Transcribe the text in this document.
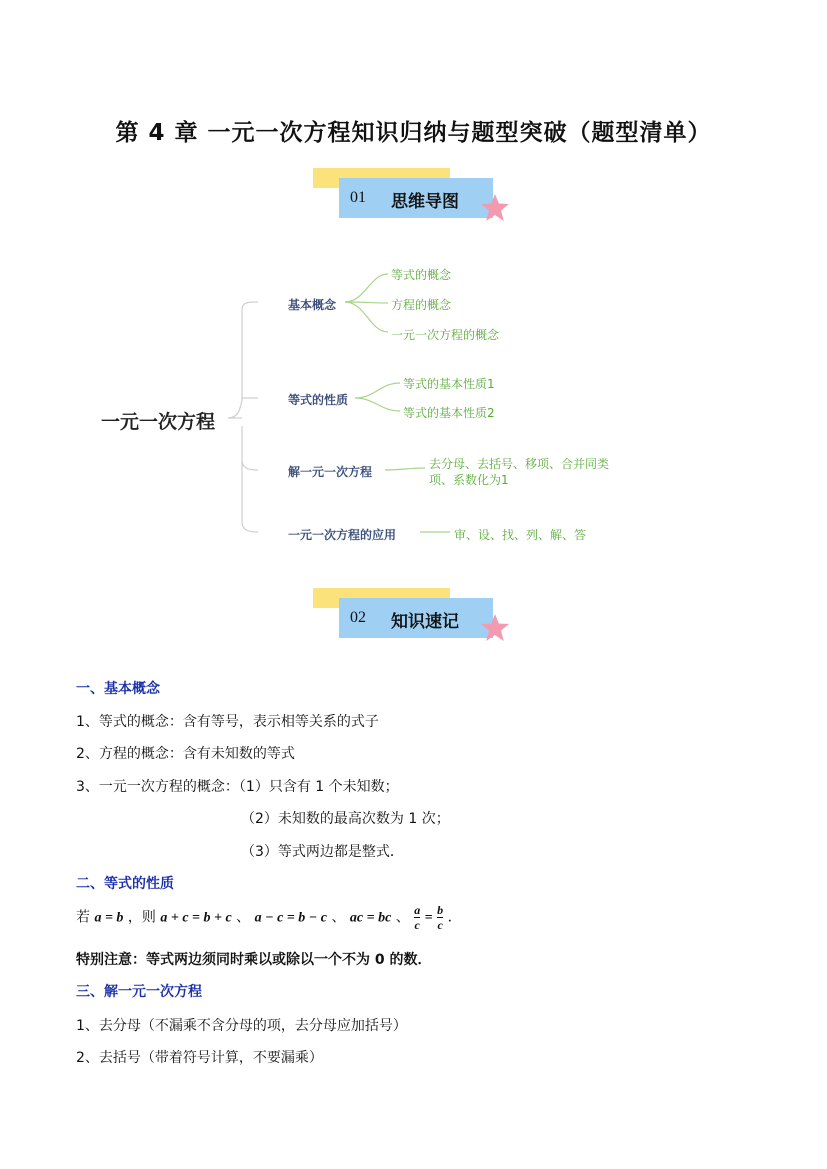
第 4 章 一元一次方程知识归纳与题型突破（题型清单）
01 思维导图
一元一次方程
基本概念
等式的概念
方程的概念
一元一次方程的概念
等式的性质
等式的基本性质1
等式的基本性质2
解一元一次方程
去分母、去括号、移项、合并同类
项、系数化为1
一元一次方程的应用	审、设、找、列、解、答
02 知识速记
一、基本概念
1、等式的概念：含有等号，表示相等关系的式子
2、方程的概念：含有未知数的等式
3、一元一次方程的概念：（1）只含有 1 个未知数；
（2）未知数的最高次数为 1 次；
（3）等式两边都是整式．
二、等式的性质
若 a = b ，则 a + c = b + c 、 a − c = b − c 、 ac = bc 、 $\frac{a}{c} = \frac{b}{c}$ ．
特别注意：等式两边须同时乘以或除以一个不为 0 的数．
三、解一元一次方程
1、去分母（不漏乘不含分母的项，去分母应加括号）
2、去括号（带着符号计算，不要漏乘）
